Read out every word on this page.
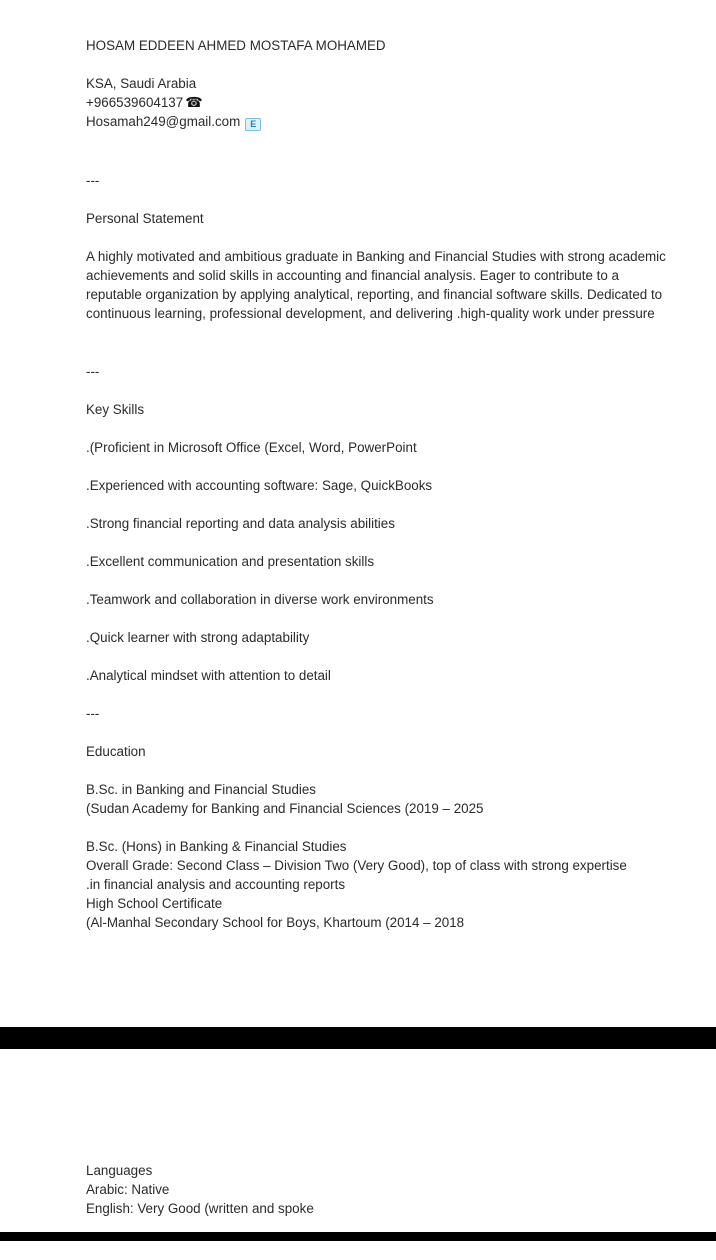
HOSAM EDDEEN AHMED MOSTAFA MOHAMED
KSA, Saudi Arabia
+966539604137 ☎
Hosamah249@gmail.com E
---
Personal Statement
A highly motivated and ambitious graduate in Banking and Financial Studies with strong academic achievements and solid skills in accounting and financial analysis. Eager to contribute to a reputable organization by applying analytical, reporting, and financial software skills. Dedicated to continuous learning, professional development, and delivering .high-quality work under pressure
---
Key Skills
.(Proficient in Microsoft Office (Excel, Word, PowerPoint
.Experienced with accounting software: Sage, QuickBooks
.Strong financial reporting and data analysis abilities
.Excellent communication and presentation skills
.Teamwork and collaboration in diverse work environments
.Quick learner with strong adaptability
.Analytical mindset with attention to detail
---
Education
B.Sc. in Banking and Financial Studies
(Sudan Academy for Banking and Financial Sciences (2019 – 2025
B.Sc. (Hons) in Banking & Financial Studies
Overall Grade: Second Class – Division Two (Very Good), top of class with strong expertise
.in financial analysis and accounting reports
High School Certificate
(Al-Manhal Secondary School for Boys, Khartoum (2014 – 2018
Languages
Arabic: Native
English: Very Good (written and spoke
